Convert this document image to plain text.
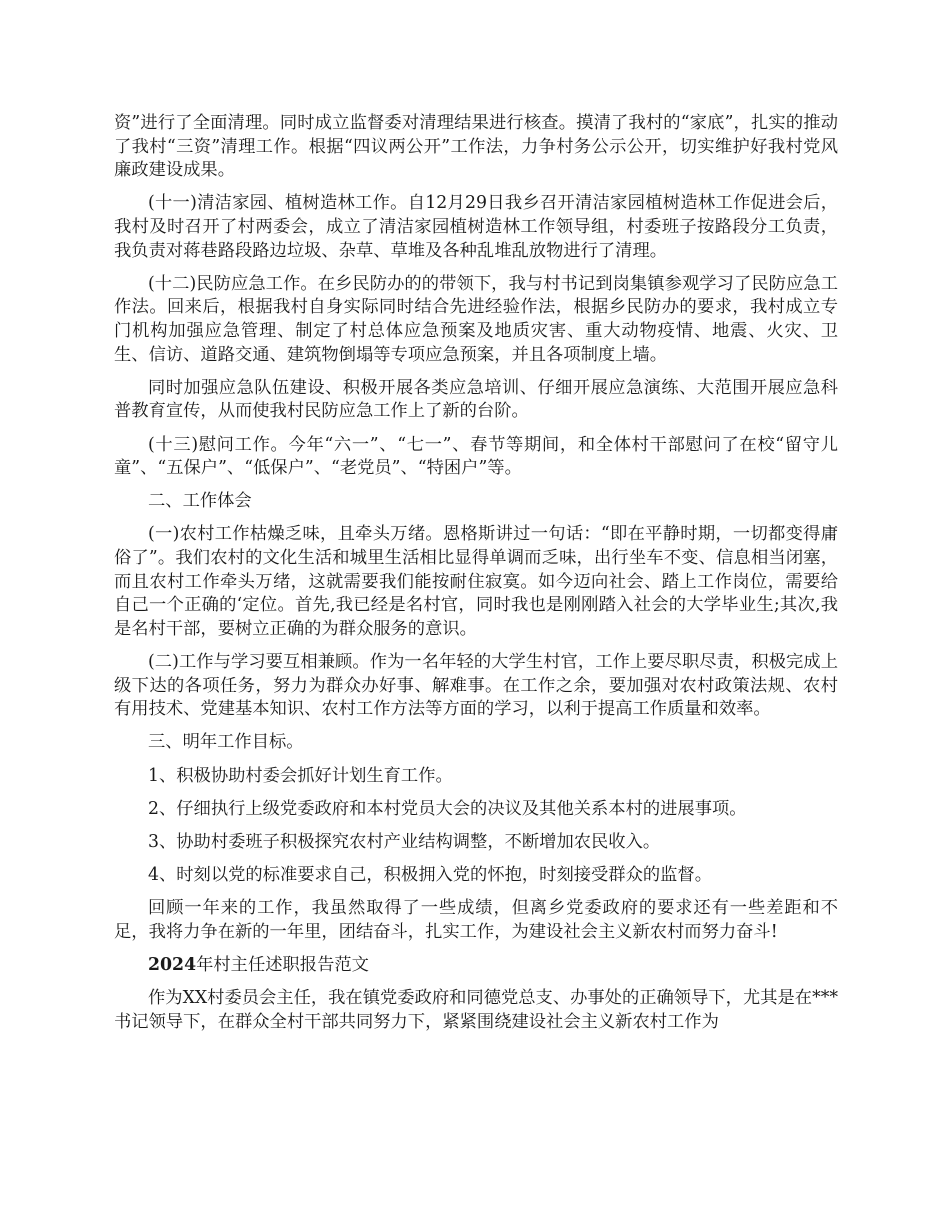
资”进行了全面清理。同时成立监督委对清理结果进行核查。摸清了我村的“家底”，扎实的推动了我村“三资”清理工作。根据“四议两公开”工作法，力争村务公示公开，切实维护好我村党风廉政建设成果。

(十一)清洁家园、植树造林工作。自12月29日我乡召开清洁家园植树造林工作促进会后，我村及时召开了村两委会，成立了清洁家园植树造林工作领导组，村委班子按路段分工负责，我负责对蒋巷路段路边垃圾、杂草、草堆及各种乱堆乱放物进行了清理。

(十二)民防应急工作。在乡民防办的的带领下，我与村书记到岗集镇参观学习了民防应急工作法。回来后，根据我村自身实际同时结合先进经验作法，根据乡民防办的要求，我村成立专门机构加强应急管理、制定了村总体应急预案及地质灾害、重大动物疫情、地震、火灾、卫生、信访、道路交通、建筑物倒塌等专项应急预案，并且各项制度上墙。

同时加强应急队伍建设、积极开展各类应急培训、仔细开展应急演练、大范围开展应急科普教育宣传，从而使我村民防应急工作上了新的台阶。

(十三)慰问工作。今年“六一”、“七一”、春节等期间，和全体村干部慰问了在校“留守儿童”、“五保户”、“低保户”、“老党员”、“特困户”等。

二、工作体会

(一)农村工作枯燥乏味，且牵头万绪。恩格斯讲过一句话：“即在平静时期，一切都变得庸俗了”。我们农村的文化生活和城里生活相比显得单调而乏味，出行坐车不变、信息相当闭塞，而且农村工作牵头万绪，这就需要我们能按耐住寂寞。如今迈向社会、踏上工作岗位，需要给自己一个正确的‘定位。首先,我已经是名村官，同时我也是刚刚踏入社会的大学毕业生;其次,我是名村干部，要树立正确的为群众服务的意识。

(二)工作与学习要互相兼顾。作为一名年轻的大学生村官，工作上要尽职尽责，积极完成上级下达的各项任务，努力为群众办好事、解难事。在工作之余，要加强对农村政策法规、农村有用技术、党建基本知识、农村工作方法等方面的学习，以利于提高工作质量和效率。

三、明年工作目标。

1、积极协助村委会抓好计划生育工作。

2、仔细执行上级党委政府和本村党员大会的决议及其他关系本村的进展事项。

3、协助村委班子积极探究农村产业结构调整，不断增加农民收入。

4、时刻以党的标准要求自己，积极拥入党的怀抱，时刻接受群众的监督。

回顾一年来的工作，我虽然取得了一些成绩，但离乡党委政府的要求还有一些差距和不足，我将力争在新的一年里，团结奋斗，扎实工作，为建设社会主义新农村而努力奋斗!

2024年村主任述职报告范文

作为XX村委员会主任，我在镇党委政府和同德党总支、办事处的正确领导下，尤其是在***书记领导下，在群众全村干部共同努力下，紧紧围绕建设社会主义新农村工作为
